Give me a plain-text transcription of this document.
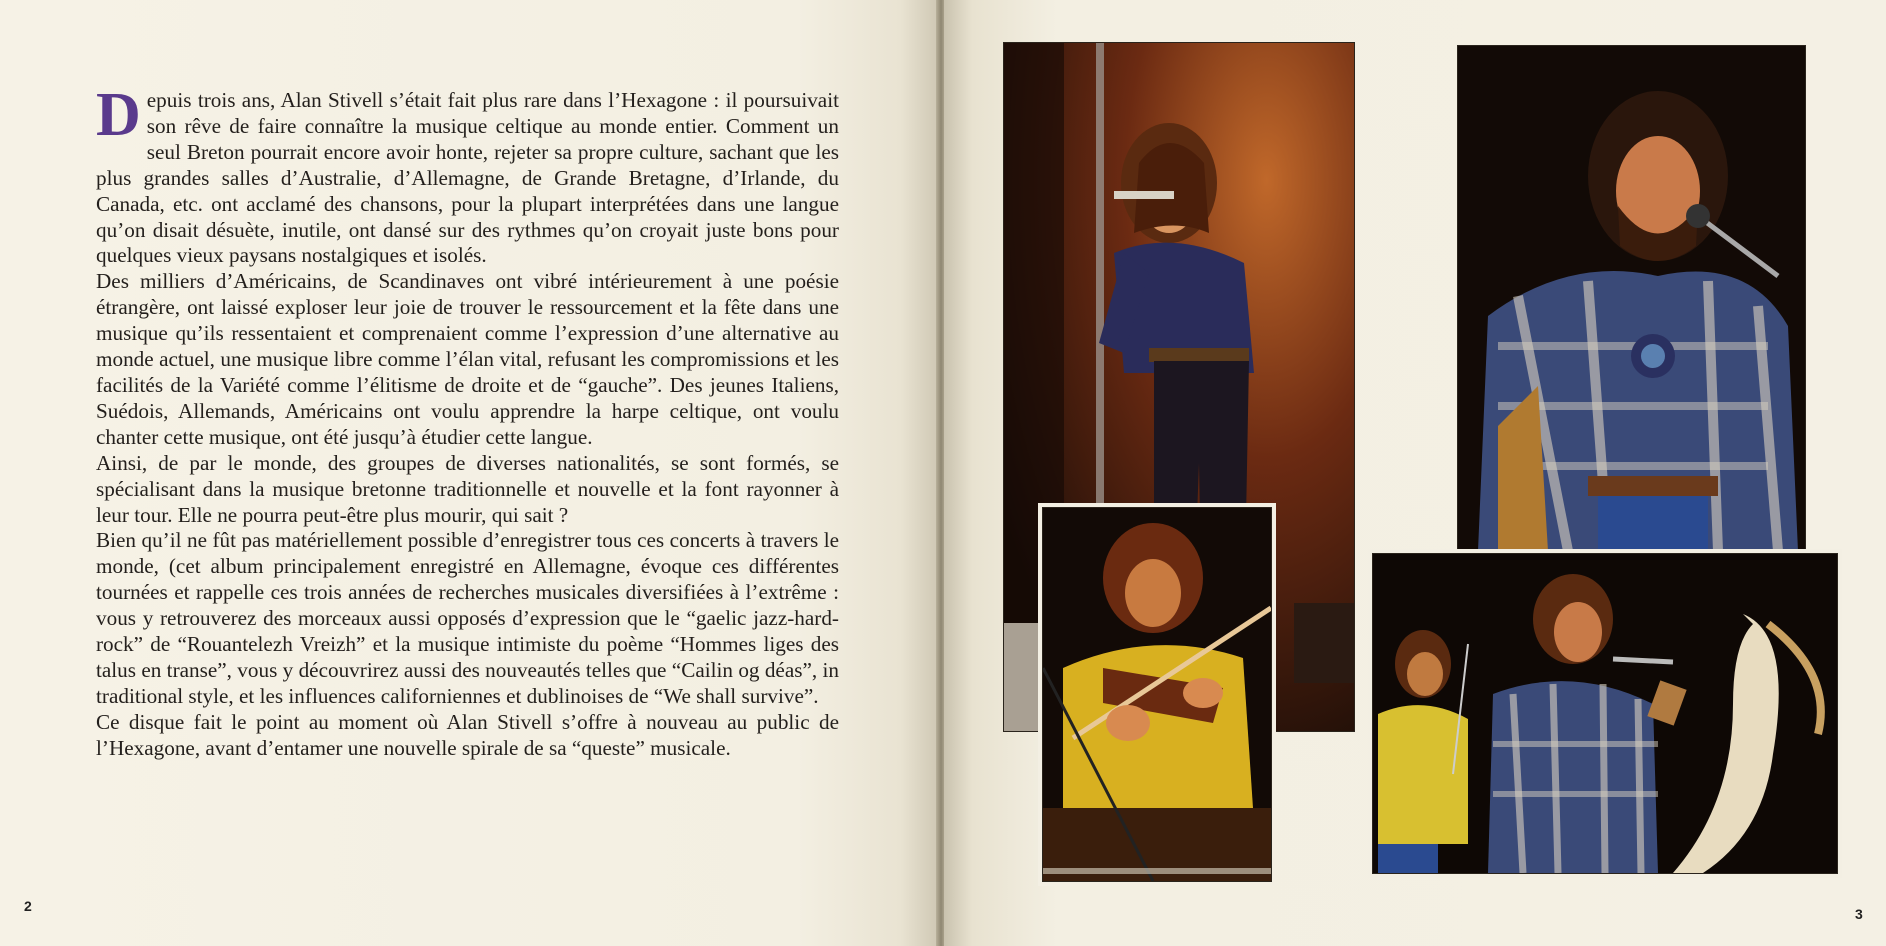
Depuis trois ans, Alan Stivell s’était fait plus rare dans l’Hexagone : il poursuivait son rêve de faire connaître la musique celtique au monde entier. Comment un seul Breton pourrait encore avoir honte, rejeter sa propre culture, sachant que les plus grandes salles d’Australie, d’Allemagne, de Grande Bretagne, d’Irlande, du Canada, etc. ont acclamé des chansons, pour la plupart interprétées dans une langue qu’on disait désuète, inutile, ont dansé sur des rythmes qu’on croyait juste bons pour quelques vieux paysans nostalgiques et isolés.

Des milliers d’Américains, de Scandinaves ont vibré intérieurement à une poésie étrangère, ont laissé exploser leur joie de trouver le ressourcement et la fête dans une musique qu’ils ressentaient et comprenaient comme l’expression d’une alternative au monde actuel, une musique libre comme l’élan vital, refusant les compromissions et les facilités de la Variété comme l’élitisme de droite et de “gauche”. Des jeunes Italiens, Suédois, Allemands, Américains ont voulu apprendre la harpe celtique, ont voulu chanter cette musique, ont été jusqu’à étudier cette langue.

Ainsi, de par le monde, des groupes de diverses nationalités, se sont formés, se spécialisant dans la musique bretonne traditionnelle et nouvelle et la font rayonner à leur tour. Elle ne pourra peut-être plus mourir, qui sait ?

Bien qu’il ne fût pas matériellement possible d’enregistrer tous ces concerts à travers le monde, (cet album principalement enregistré en Allemagne, évoque ces différentes tournées et rappelle ces trois années de recherches musicales diversifiées à l’extrême : vous y retrouverez des morceaux aussi opposés d’expression que le “gaelic jazz-hard-rock” de “Rouantelezh Vreizh” et la musique intimiste du poème “Hommes liges des talus en transe”, vous y découvrirez aussi des nouveautés telles que “Cailin og déas”, in traditional style, et les influences californiennes et dublinoises de “We shall survive”.

Ce disque fait le point au moment où Alan Stivell s’offre à nouveau au public de l’Hexagone, avant d’entamer une nouvelle spirale de sa “queste” musicale.

2	3
